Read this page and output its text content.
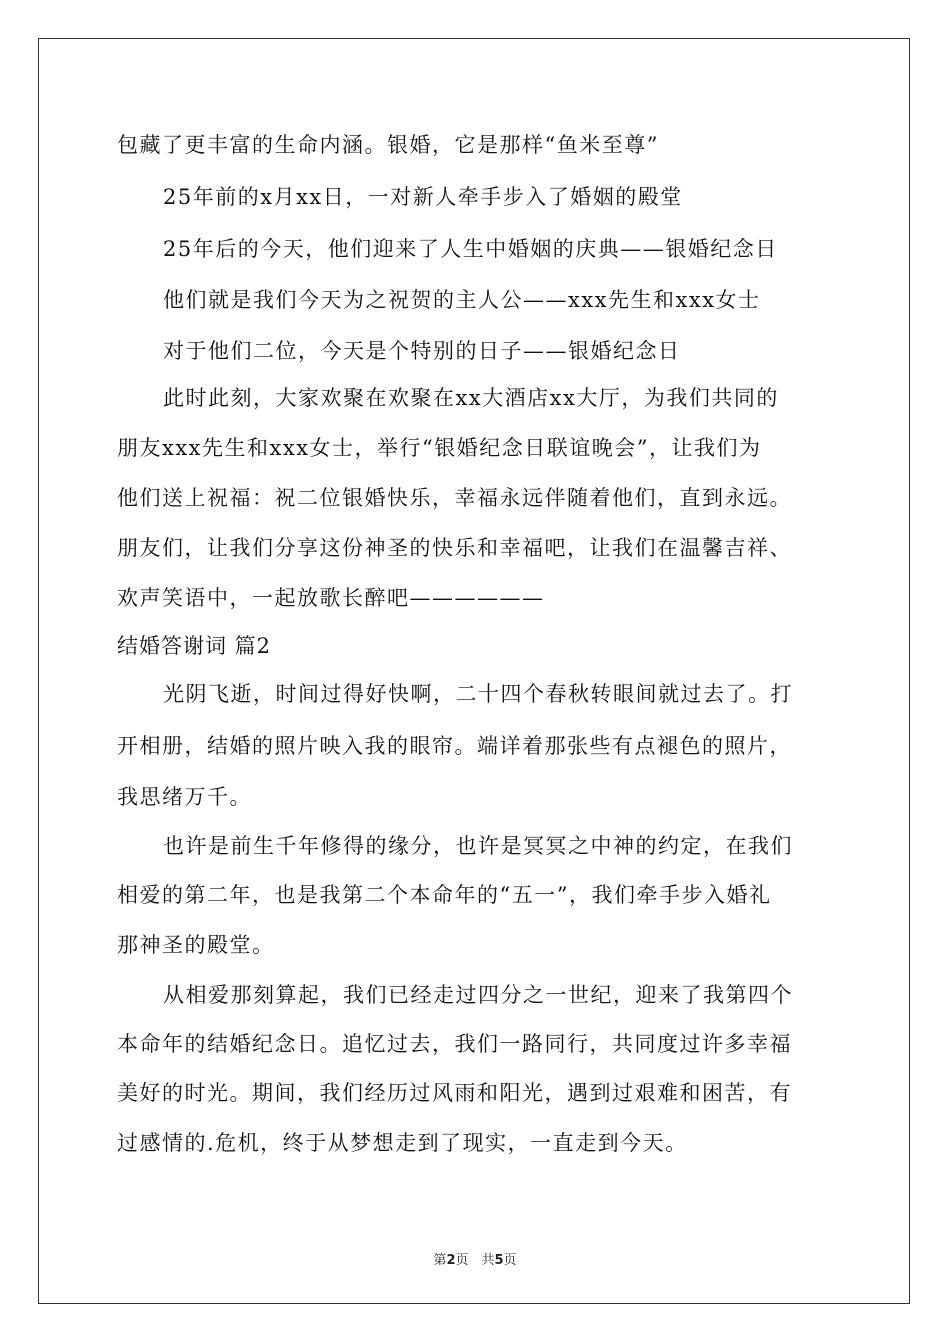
包藏了更丰富的生命内涵。银婚，它是那样“鱼米至尊”
25年前的x月xx日，一对新人牵手步入了婚姻的殿堂
25年后的今天，他们迎来了人生中婚姻的庆典——银婚纪念日
他们就是我们今天为之祝贺的主人公——xxx先生和xxx女士
对于他们二位，今天是个特别的日子——银婚纪念日
此时此刻，大家欢聚在欢聚在xx大酒店xx大厅，为我们共同的
朋友xxx先生和xxx女士，举行“银婚纪念日联谊晚会”，让我们为
他们送上祝福：祝二位银婚快乐，幸福永远伴随着他们，直到永远。
朋友们，让我们分享这份神圣的快乐和幸福吧，让我们在温馨吉祥、
欢声笑语中，一起放歌长醉吧——————
结婚答谢词 篇2
光阴飞逝，时间过得好快啊，二十四个春秋转眼间就过去了。打
开相册，结婚的照片映入我的眼帘。端详着那张些有点褪色的照片，
我思绪万千。
也许是前生千年修得的缘分，也许是冥冥之中神的约定，在我们
相爱的第二年，也是我第二个本命年的“五一”，我们牵手步入婚礼
那神圣的殿堂。
从相爱那刻算起，我们已经走过四分之一世纪，迎来了我第四个
本命年的结婚纪念日。追忆过去，我们一路同行，共同度过许多幸福
美好的时光。期间，我们经历过风雨和阳光，遇到过艰难和困苦，有
过感情的.危机，终于从梦想走到了现实，一直走到今天。
第2页　共5页
